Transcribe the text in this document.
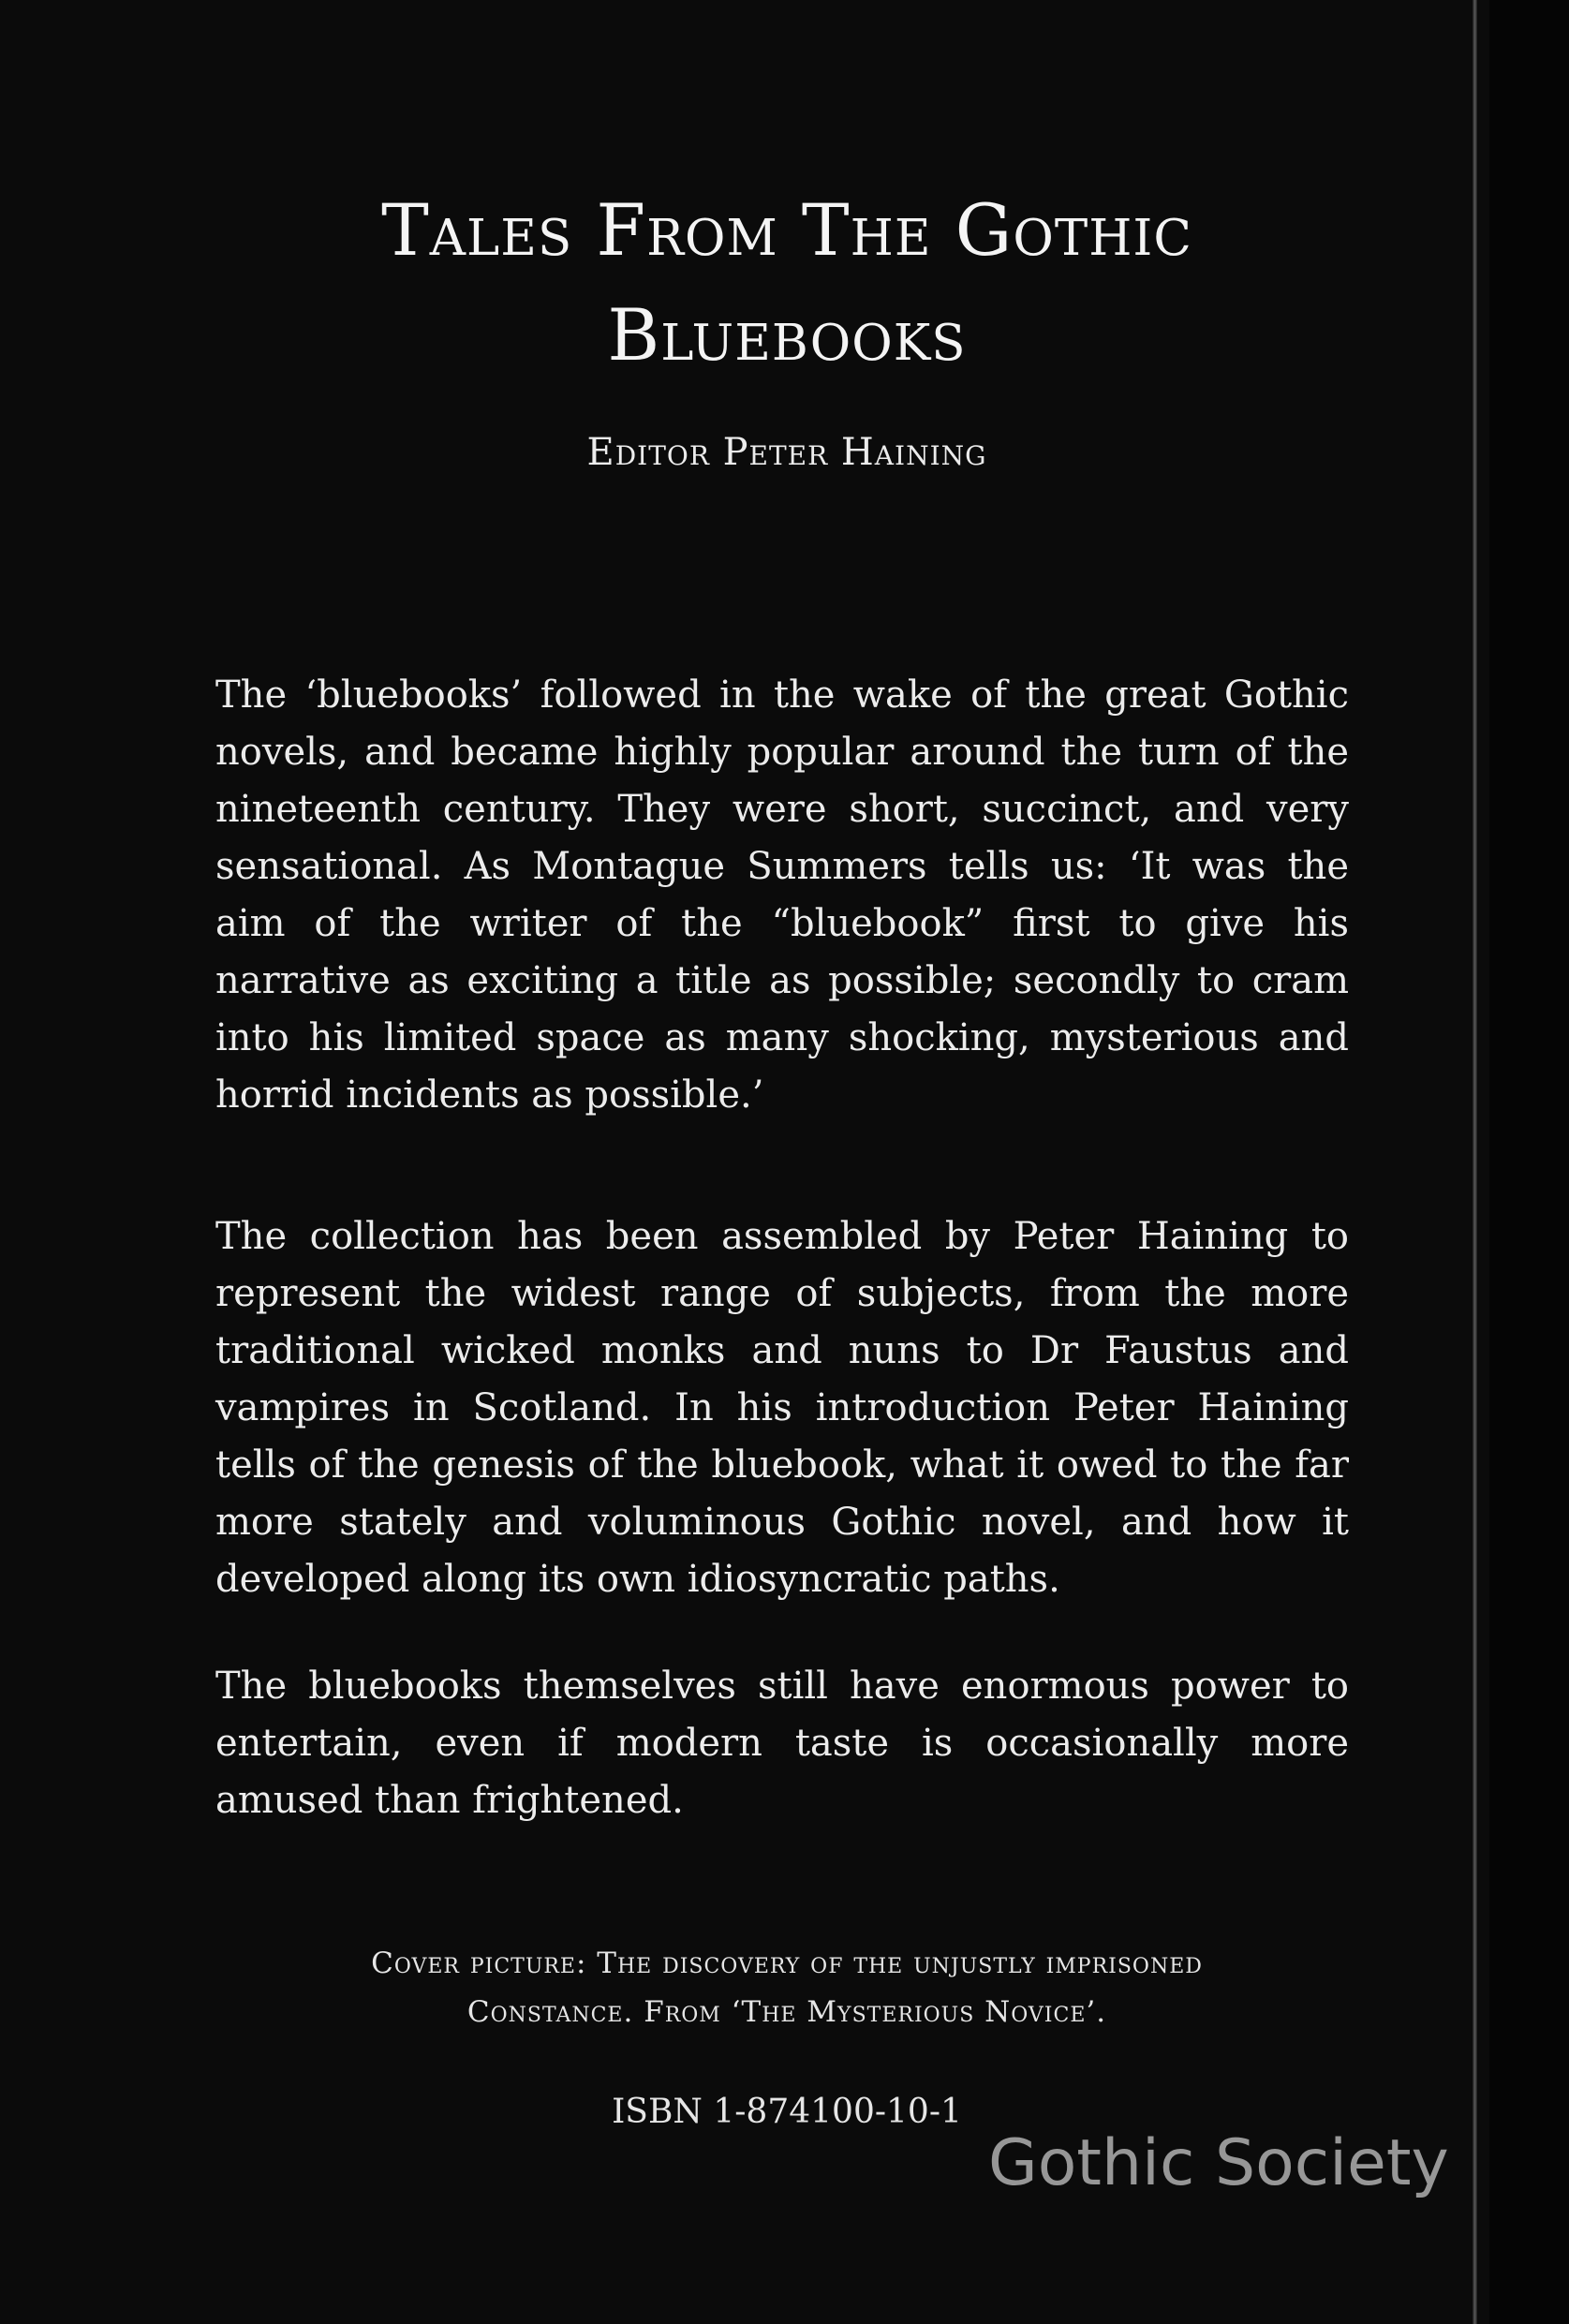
Tales From The Gothic
Bluebooks

Editor Peter Haining

The ‘bluebooks’ followed in the wake of the great Gothic novels, and became highly popular around the turn of the nineteenth century. They were short, succinct, and very sensational. As Montague Summers tells us: ‘It was the aim of the writer of the “bluebook” first to give his narrative as exciting a title as possible; secondly to cram into his limited space as many shocking, mysterious and horrid incidents as possible.’

The collection has been assembled by Peter Haining to represent the widest range of subjects, from the more traditional wicked monks and nuns to Dr Faustus and vampires in Scotland. In his introduction Peter Haining tells of the genesis of the bluebook, what it owed to the far more stately and voluminous Gothic novel, and how it developed along its own idiosyncratic paths.

The bluebooks themselves still have enormous power to entertain, even if modern taste is occasionally more amused than frightened.

Cover picture: The discovery of the unjustly imprisoned
Constance. From ‘The Mysterious Novice’.

ISBN 1-874100-10-1

Gothic Society
